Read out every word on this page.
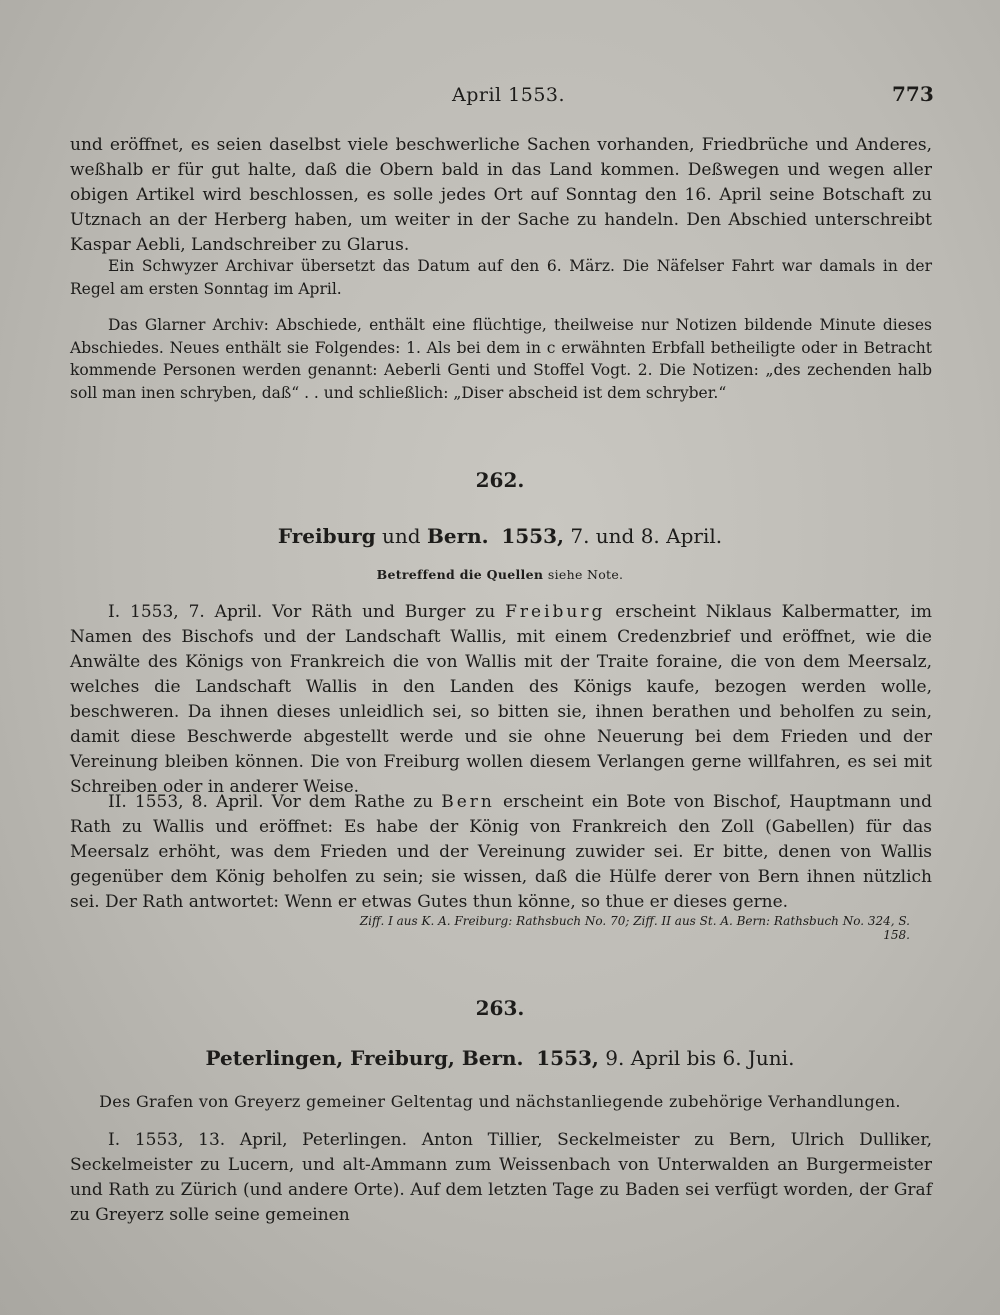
April 1553.	773
und eröffnet, es seien daselbst viele beschwerliche Sachen vorhanden, Friedbrüche und Anderes, weßhalb er für gut halte, daß die Obern bald in das Land kommen. Deßwegen und wegen aller obigen Artikel wird beschlossen, es solle jedes Ort auf Sonntag den 16. April seine Botschaft zu Utznach an der Herberg haben, um weiter in der Sache zu handeln. Den Abschied unterschreibt Kaspar Aebli, Landschreiber zu Glarus.
Ein Schwyzer Archivar übersetzt das Datum auf den 6. März. Die Näfelser Fahrt war damals in der Regel am ersten Sonntag im April.
Das Glarner Archiv: Abschiede, enthält eine flüchtige, theilweise nur Notizen bildende Minute dieses Abschiedes. Neues enthält sie Folgendes: 1. Als bei dem in c erwähnten Erbfall betheiligte oder in Betracht kommende Personen werden genannt: Aeberli Genti und Stoffel Vogt. 2. Die Notizen: „des zechenden halb soll man inen schryben, daß“ . . und schließlich: „Diser abscheid ist dem schryber.“
262.
Freiburg und Bern. 1553, 7. und 8. April.
Betreffend die Quellen siehe Note.
I. 1553, 7. April. Vor Räth und Burger zu Freiburg erscheint Niklaus Kalbermatter, im Namen des Bischofs und der Landschaft Wallis, mit einem Credenzbrief und eröffnet, wie die Anwälte des Königs von Frankreich die von Wallis mit der Traite foraine, die von dem Meersalz, welches die Landschaft Wallis in den Landen des Königs kaufe, bezogen werden wolle, beschweren. Da ihnen dieses unleidlich sei, so bitten sie, ihnen berathen und beholfen zu sein, damit diese Beschwerde abgestellt werde und sie ohne Neuerung bei dem Frieden und der Vereinung bleiben können. Die von Freiburg wollen diesem Verlangen gerne willfahren, es sei mit Schreiben oder in anderer Weise.
II. 1553, 8. April. Vor dem Rathe zu Bern erscheint ein Bote von Bischof, Hauptmann und Rath zu Wallis und eröffnet: Es habe der König von Frankreich den Zoll (Gabellen) für das Meersalz erhöht, was dem Frieden und der Vereinung zuwider sei. Er bitte, denen von Wallis gegenüber dem König beholfen zu sein; sie wissen, daß die Hülfe derer von Bern ihnen nützlich sei. Der Rath antwortet: Wenn er etwas Gutes thun könne, so thue er dieses gerne.
Ziff. I aus K. A. Freiburg: Rathsbuch No. 70; Ziff. II aus St. A. Bern: Rathsbuch No. 324, S. 158.
263.
Peterlingen, Freiburg, Bern. 1553, 9. April bis 6. Juni.
Des Grafen von Greyerz gemeiner Geltentag und nächstanliegende zubehörige Verhandlungen.
I. 1553, 13. April, Peterlingen. Anton Tillier, Seckelmeister zu Bern, Ulrich Dulliker, Seckelmeister zu Lucern, und alt-Ammann zum Weissenbach von Unterwalden an Burgermeister und Rath zu Zürich (und andere Orte). Auf dem letzten Tage zu Baden sei verfügt worden, der Graf zu Greyerz solle seine gemeinen
